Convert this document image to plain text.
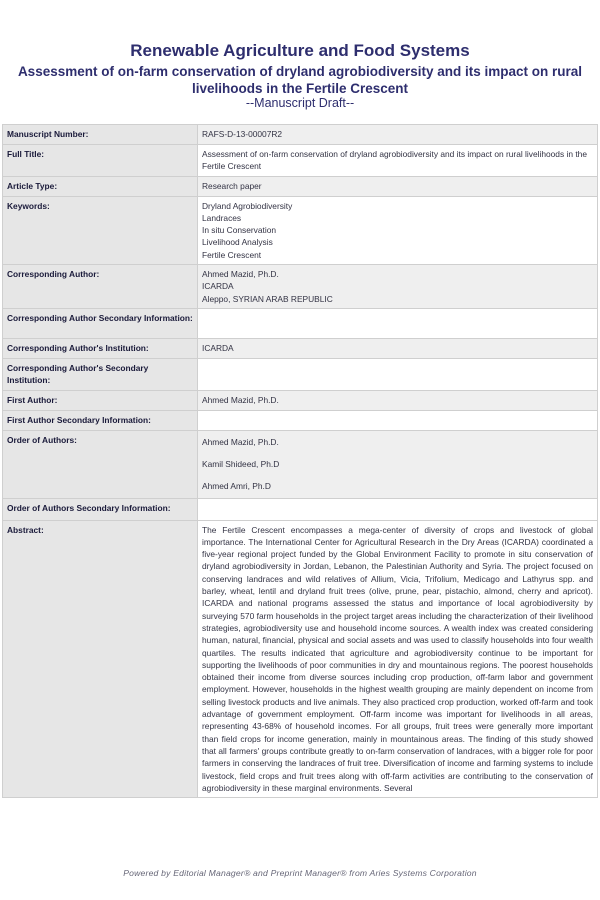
Renewable Agriculture and Food Systems
Assessment of on-farm conservation of dryland agrobiodiversity and its impact on rural
livelihoods in the Fertile Crescent
--Manuscript Draft--
Manuscript Number:	RAFS-D-13-00007R2
Full Title:	Assessment of on-farm conservation of dryland agrobiodiversity and its impact on rural livelihoods in the Fertile Crescent
Article Type:	Research paper
Keywords:	Dryland Agrobiodiversity
Landraces
In situ Conservation
Livelihood Analysis
Fertile Crescent

Corresponding Author:	Ahmed Mazid, Ph.D.
ICARDA
Aleppo, SYRIAN ARAB REPUBLIC

Corresponding Author Secondary Information:	
Corresponding Author's Institution:	ICARDA
Corresponding Author's Secondary Institution:	
First Author:	Ahmed Mazid, Ph.D.
First Author Secondary Information:	
Order of Authors:	Ahmed Mazid, Ph.D.
Kamil Shideed, Ph.D
Ahmed Amri, Ph.D

Order of Authors Secondary Information:	
Abstract:	The Fertile Crescent encompasses a mega-center of diversity of crops and livestock of global importance. The International Center for Agricultural Research in the Dry Areas (ICARDA) coordinated a five-year regional project funded by the Global Environment Facility to promote in situ conservation of dryland agrobiodiversity in Jordan, Lebanon, the Palestinian Authority and Syria. The project focused on conserving landraces and wild relatives of Allium, Vicia, Trifolium, Medicago and Lathyrus spp. and barley, wheat, lentil and dryland fruit trees (olive, prune, pear, pistachio, almond, cherry and apricot). ICARDA and national programs assessed the status and importance of local agrobiodiversity by surveying 570 farm households in the project target areas including the characterization of their livelihood strategies, agrobiodiversity use and household income sources. A wealth index was created considering human, natural, financial, physical and social assets and was used to classify households into four wealth quartiles. The results indicated that agriculture and agrobiodiversity continue to be important for supporting the livelihoods of poor communities in dry and mountainous regions. The poorest households obtained their income from diverse sources including crop production, off-farm labor and government employment. However, households in the highest wealth grouping are mainly dependent on income from selling livestock products and live animals. They also practiced crop production, worked off-farm and took advantage of government employment. Off-farm income was important for livelihoods in all areas, representing 43-68% of household incomes. For all groups, fruit trees were generally more important than field crops for income generation, mainly in mountainous areas. The finding of this study showed that all farmers' groups contribute greatly to on-farm conservation of landraces, with a bigger role for poor farmers in conserving the landraces of fruit tree. Diversification of income and farming systems to include livestock, field crops and fruit trees along with off-farm activities are contributing to the conservation of agrobiodiversity in these marginal environments. Several
Powered by Editorial Manager® and Preprint Manager® from Aries Systems Corporation
